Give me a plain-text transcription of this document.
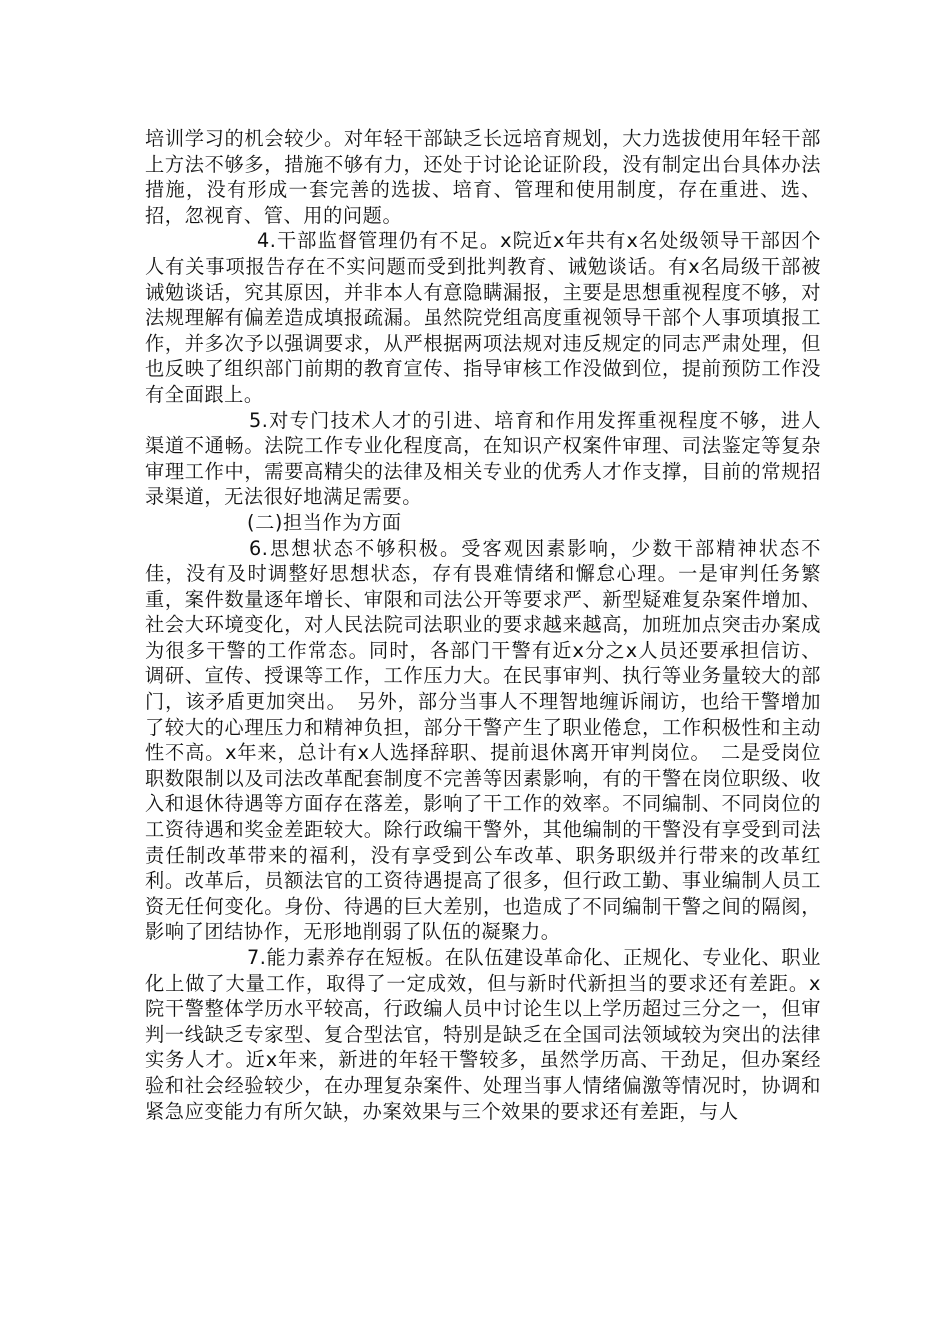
培训学习的机会较少。对年轻干部缺乏长远培育规划，大力选拔使用年轻干部上方法不够多，措施不够有力，还处于讨论论证阶段，没有制定出台具体办法措施，没有形成一套完善的选拔、培育、管理和使用制度，存在重进、选、招，忽视育、管、用的问题。

4.干部监督管理仍有不足。x院近x年共有x名处级领导干部因个人有关事项报告存在不实问题而受到批判教育、诫勉谈话。有x名局级干部被诫勉谈话，究其原因，并非本人有意隐瞒漏报，主要是思想重视程度不够，对法规理解有偏差造成填报疏漏。虽然院党组高度重视领导干部个人事项填报工作，并多次予以强调要求，从严根据两项法规对违反规定的同志严肃处理，但也反映了组织部门前期的教育宣传、指导审核工作没做到位，提前预防工作没有全面跟上。

5.对专门技术人才的引进、培育和作用发挥重视程度不够，进人渠道不通畅。法院工作专业化程度高，在知识产权案件审理、司法鉴定等复杂审理工作中，需要高精尖的法律及相关专业的优秀人才作支撑，目前的常规招录渠道，无法很好地满足需要。

(二)担当作为方面

6.思想状态不够积极。受客观因素影响，少数干部精神状态不佳，没有及时调整好思想状态，存有畏难情绪和懈怠心理。一是审判任务繁重，案件数量逐年增长、审限和司法公开等要求严、新型疑难复杂案件增加、社会大环境变化，对人民法院司法职业的要求越来越高，加班加点突击办案成为很多干警的工作常态。同时，各部门干警有近x分之x人员还要承担信访、调研、宣传、授课等工作，工作压力大。在民事审判、执行等业务量较大的部门，该矛盾更加突出。　另外，部分当事人不理智地缠诉闹访，也给干警增加了较大的心理压力和精神负担，部分干警产生了职业倦怠，工作积极性和主动性不高。x年来，总计有x人选择辞职、提前退休离开审判岗位。　二是受岗位职数限制以及司法改革配套制度不完善等因素影响，有的干警在岗位职级、收入和退休待遇等方面存在落差，影响了干工作的效率。不同编制、不同岗位的工资待遇和奖金差距较大。除行政编干警外，其他编制的干警没有享受到司法责任制改革带来的福利，没有享受到公车改革、职务职级并行带来的改革红利。改革后，员额法官的工资待遇提高了很多，但行政工勤、事业编制人员工资无任何变化。身份、待遇的巨大差别，也造成了不同编制干警之间的隔阂，影响了团结协作，无形地削弱了队伍的凝聚力。

7.能力素养存在短板。在队伍建设革命化、正规化、专业化、职业化上做了大量工作，取得了一定成效，但与新时代新担当的要求还有差距。x院干警整体学历水平较高，行政编人员中讨论生以上学历超过三分之一，但审判一线缺乏专家型、复合型法官，特别是缺乏在全国司法领域较为突出的法律实务人才。近x年来，新进的年轻干警较多，虽然学历高、干劲足，但办案经验和社会经验较少，在办理复杂案件、处理当事人情绪偏激等情况时，协调和紧急应变能力有所欠缺，办案效果与三个效果的要求还有差距，与人
